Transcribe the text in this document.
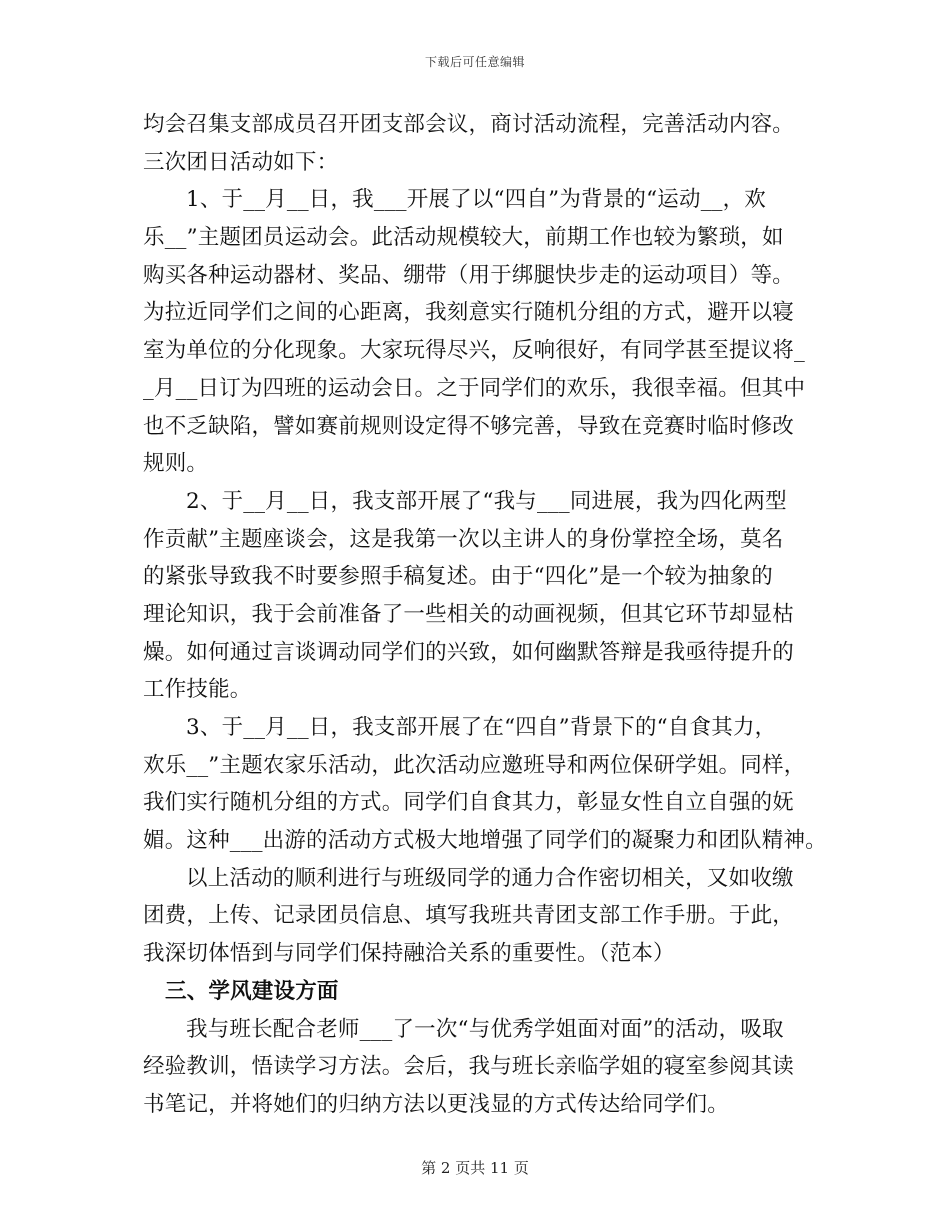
下载后可任意编辑
均会召集支部成员召开团支部会议，商讨活动流程，完善活动内容。
三次团日活动如下：
1、于__月__日，我___开展了以“四自”为背景的“运动__，欢
乐__”主题团员运动会。此活动规模较大，前期工作也较为繁琐，如
购买各种运动器材、奖品、绷带（用于绑腿快步走的运动项目）等。
为拉近同学们之间的心距离，我刻意实行随机分组的方式，避开以寝
室为单位的分化现象。大家玩得尽兴，反响很好，有同学甚至提议将_
_月__日订为四班的运动会日。之于同学们的欢乐，我很幸福。但其中
也不乏缺陷，譬如赛前规则设定得不够完善，导致在竞赛时临时修改
规则。
2、于__月__日，我支部开展了“我与___同进展，我为四化两型
作贡献”主题座谈会，这是我第一次以主讲人的身份掌控全场，莫名
的紧张导致我不时要参照手稿复述。由于“四化”是一个较为抽象的
理论知识，我于会前准备了一些相关的动画视频，但其它环节却显枯
燥。如何通过言谈调动同学们的兴致，如何幽默答辩是我亟待提升的
工作技能。
3、于__月__日，我支部开展了在“四自”背景下的“自食其力，
欢乐__”主题农家乐活动，此次活动应邀班导和两位保研学姐。同样，
我们实行随机分组的方式。同学们自食其力，彰显女性自立自强的妩
媚。这种___出游的活动方式极大地增强了同学们的凝聚力和团队精神。
以上活动的顺利进行与班级同学的通力合作密切相关，又如收缴
团费，上传、记录团员信息、填写我班共青团支部工作手册。于此，
我深切体悟到与同学们保持融洽关系的重要性。（范本）
三、学风建设方面
我与班长配合老师___了一次“与优秀学姐面对面”的活动，吸取
经验教训，悟读学习方法。会后，我与班长亲临学姐的寝室参阅其读
书笔记，并将她们的归纳方法以更浅显的方式传达给同学们。
第 2 页共 11 页
